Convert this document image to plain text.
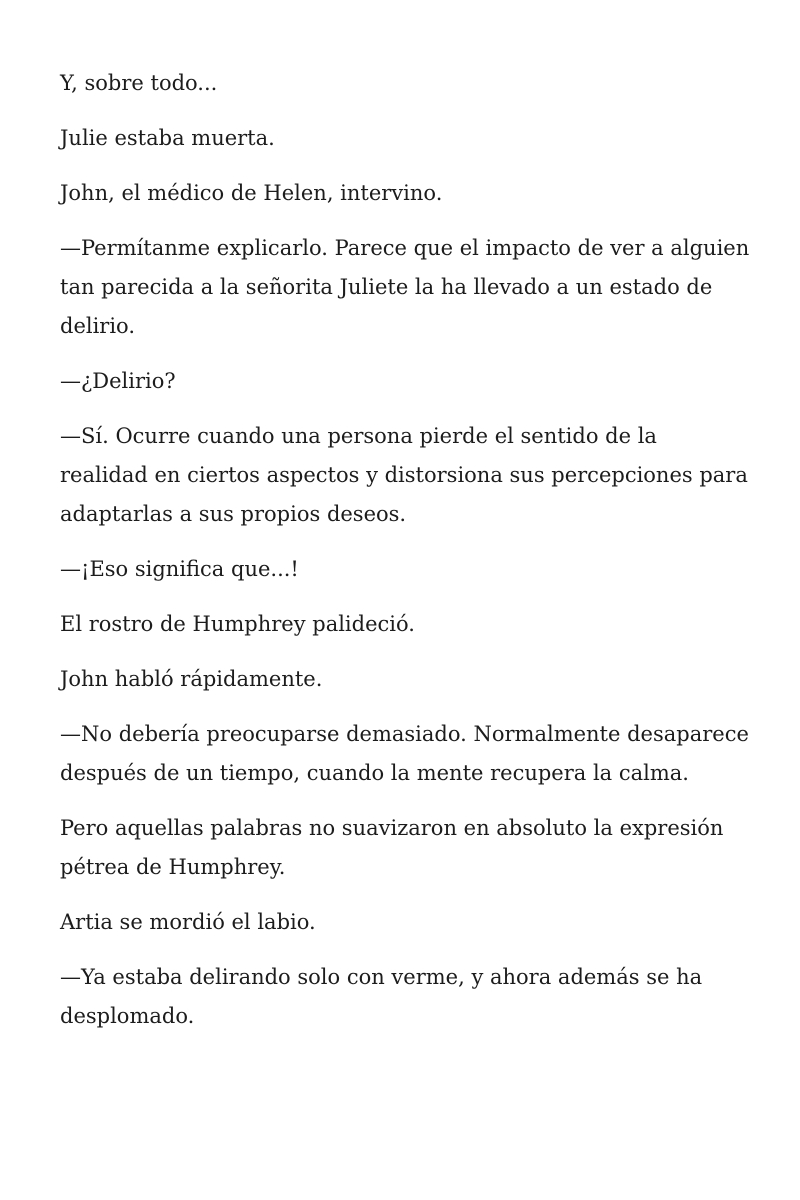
Y, sobre todo...

Julie estaba muerta.

John, el médico de Helen, intervino.

—Permítanme explicarlo. Parece que el impacto de ver a alguien tan parecida a la señorita Juliete la ha llevado a un estado de delirio.

—¿Delirio?

—Sí. Ocurre cuando una persona pierde el sentido de la realidad en ciertos aspectos y distorsiona sus percepciones para adaptarlas a sus propios deseos.

—¡Eso significa que...!

El rostro de Humphrey palideció.

John habló rápidamente.

—No debería preocuparse demasiado. Normalmente desaparece después de un tiempo, cuando la mente recupera la calma.

Pero aquellas palabras no suavizaron en absoluto la expresión pétrea de Humphrey.

Artia se mordió el labio.

—Ya estaba delirando solo con verme, y ahora además se ha desplomado.
